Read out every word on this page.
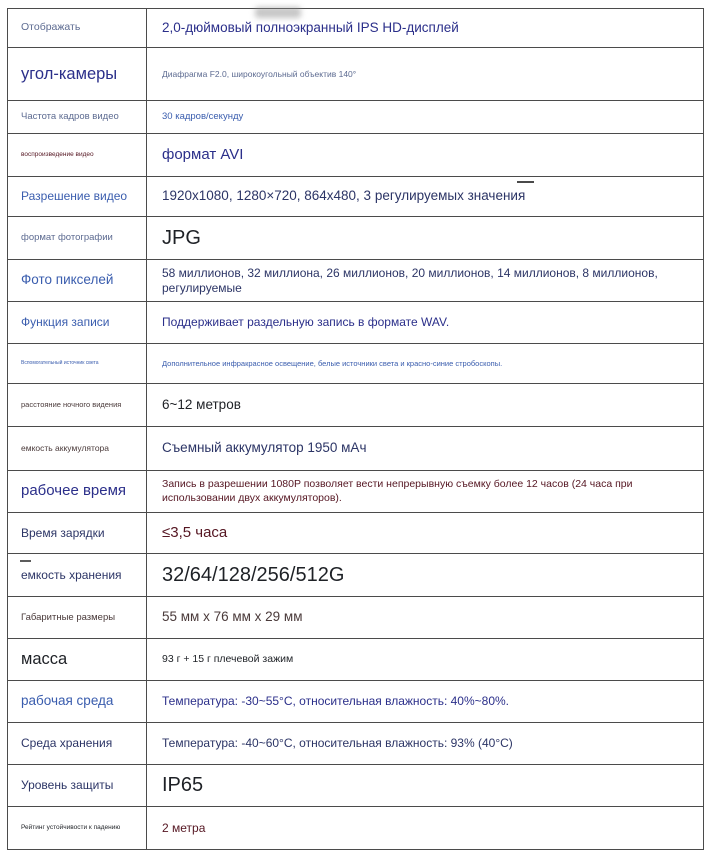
Отображать	2,0-дюймовый полноэкранный IPS HD-дисплей
угол-камеры	Диафрагма F2.0, широкоугольный объектив 140°
Частота кадров видео	30 кадров/секунду
воспроизведение видео	формат AVI
Разрешение видео	1920x1080, 1280×720, 864x480, 3 регулируемых значения
формат фотографии	JPG
Фото пикселей	58 миллионов, 32 миллиона, 26 миллионов, 20 миллионов, 14 миллионов, 8 миллионов, регулируемые
Функция записи	Поддерживает раздельную запись в формате WAV.
Вспомогательный источник света	Дополнительное инфракрасное освещение, белые источники света и красно-синие стробоскопы.
расстояние ночного видения	6~12 метров
емкость аккумулятора	Съемный аккумулятор 1950 мАч
рабочее время	Запись в разрешении 1080P позволяет вести непрерывную съемку более 12 часов (24 часа при использовании двух аккумуляторов).
Время зарядки	≤3,5 часа
емкость хранения	32/64/128/256/512G
Габаритные размеры	55 мм x 76 мм x 29 мм
масса	93 г + 15 г плечевой зажим
рабочая среда	Температура: -30~55°C, относительная влажность: 40%~80%.
Среда хранения	Температура: -40~60°C, относительная влажность: 93% (40°C)
Уровень защиты	IP65
Рейтинг устойчивости к падению	2 метра
